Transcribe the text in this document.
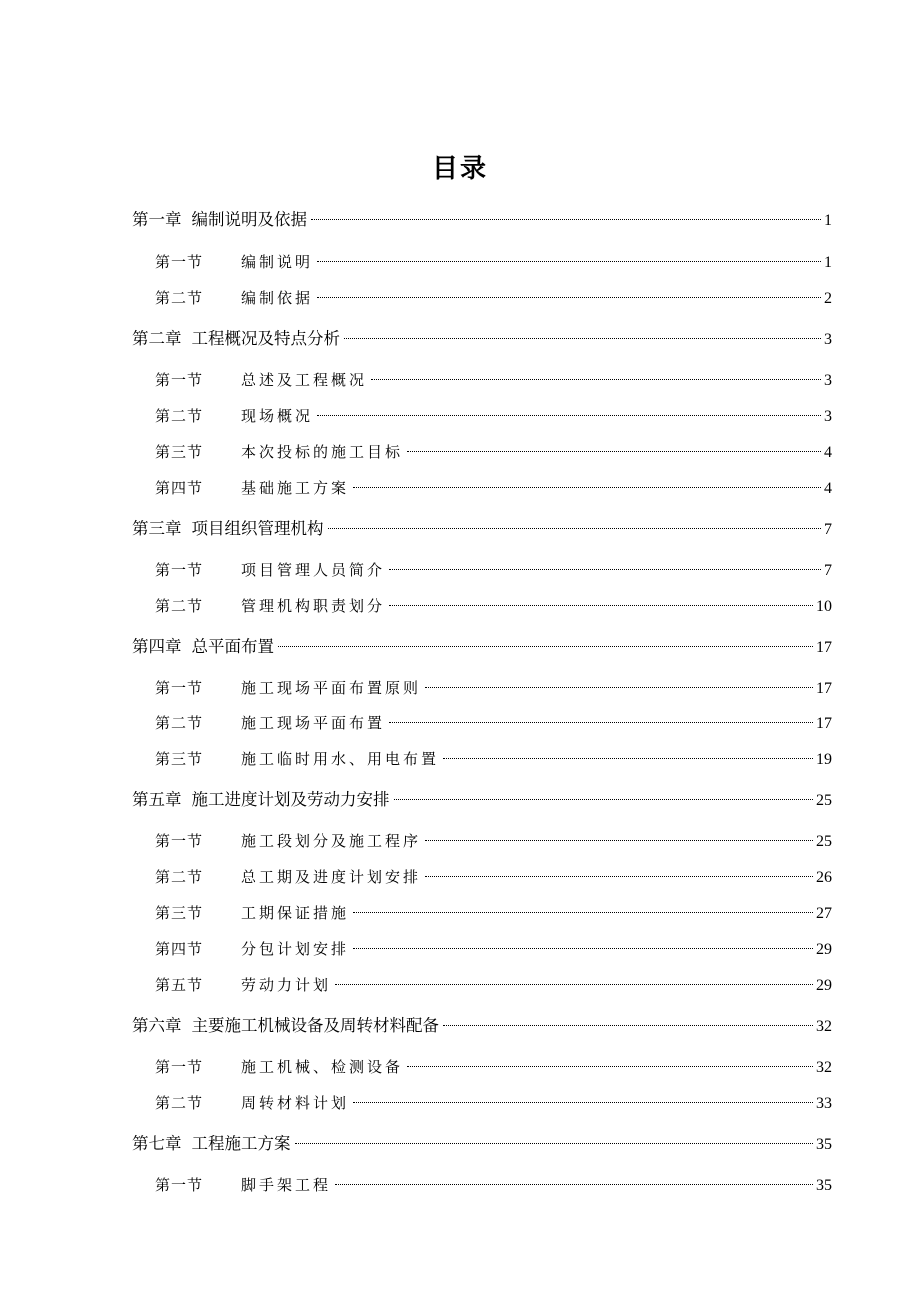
目录
第一章 编制说明及依据	1
第一节	编制说明	1
第二节	编制依据	2
第二章 工程概况及特点分析	3
第一节	总述及工程概况	3
第二节	现场概况	3
第三节	本次投标的施工目标	4
第四节	基础施工方案	4
第三章 项目组织管理机构	7
第一节	项目管理人员简介	7
第二节	管理机构职责划分	10
第四章 总平面布置	17
第一节	施工现场平面布置原则	17
第二节	施工现场平面布置	17
第三节	施工临时用水、用电布置	19
第五章 施工进度计划及劳动力安排	25
第一节	施工段划分及施工程序	25
第二节	总工期及进度计划安排	26
第三节	工期保证措施	27
第四节	分包计划安排	29
第五节	劳动力计划	29
第六章 主要施工机械设备及周转材料配备	32
第一节	施工机械、检测设备	32
第二节	周转材料计划	33
第七章 工程施工方案	35
第一节	脚手架工程	35
